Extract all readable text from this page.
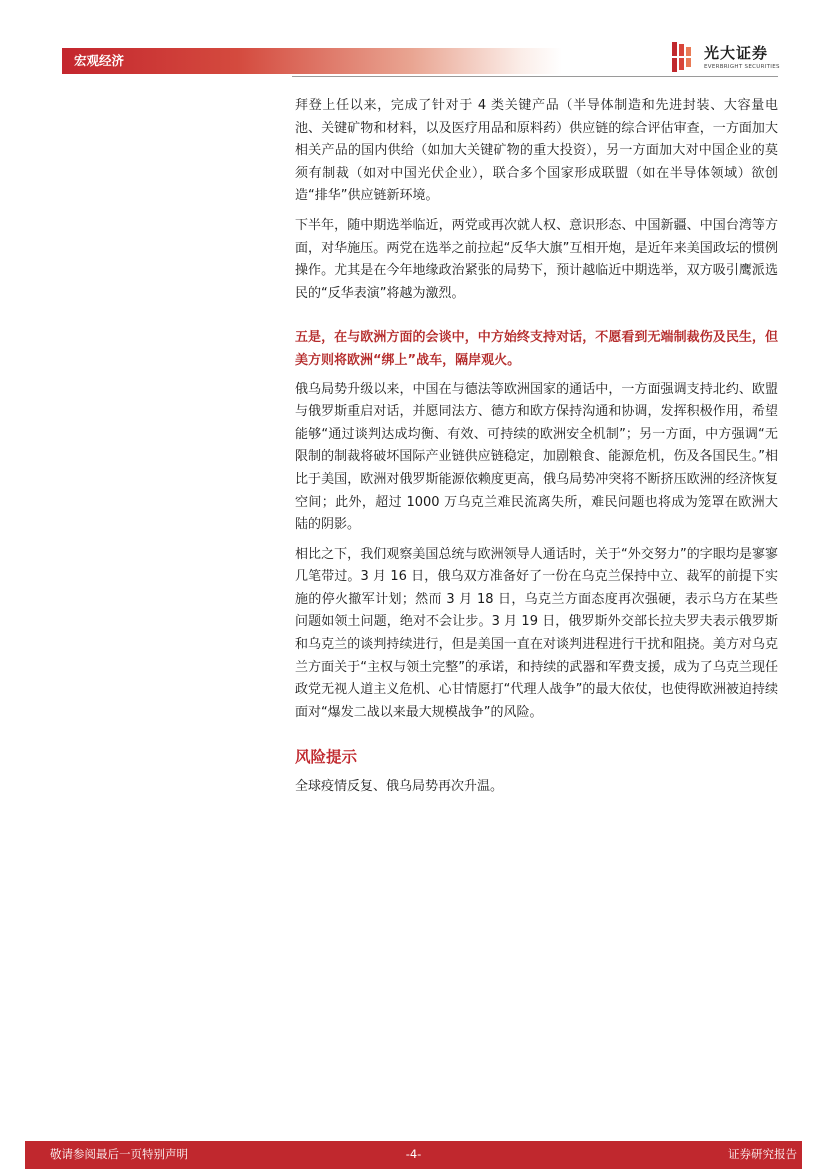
宏观经济	光大证券
EVERBRIGHT SECURITIES

拜登上任以来，完成了针对于 4 类关键产品（半导体制造和先进封装、大容量电池、关键矿物和材料，以及医疗用品和原料药）供应链的综合评估审查，一方面加大相关产品的国内供给（如加大关键矿物的重大投资），另一方面加大对中国企业的莫须有制裁（如对中国光伏企业），联合多个国家形成联盟（如在半导体领域）欲创造“排华”供应链新环境。

下半年，随中期选举临近，两党或再次就人权、意识形态、中国新疆、中国台湾等方面，对华施压。两党在选举之前拉起“反华大旗”互相开炮，是近年来美国政坛的惯例操作。尤其是在今年地缘政治紧张的局势下，预计越临近中期选举，双方吸引鹰派选民的“反华表演”将越为激烈。

五是，在与欧洲方面的会谈中，中方始终支持对话，不愿看到无端制裁伤及民生，但美方则将欧洲“绑上”战车，隔岸观火。

俄乌局势升级以来，中国在与德法等欧洲国家的通话中，一方面强调支持北约、欧盟与俄罗斯重启对话，并愿同法方、德方和欧方保持沟通和协调，发挥积极作用，希望能够“通过谈判达成均衡、有效、可持续的欧洲安全机制”；另一方面，中方强调“无限制的制裁将破坏国际产业链供应链稳定，加剧粮食、能源危机，伤及各国民生。”相比于美国，欧洲对俄罗斯能源依赖度更高，俄乌局势冲突将不断挤压欧洲的经济恢复空间；此外，超过 1000 万乌克兰难民流离失所，难民问题也将成为笼罩在欧洲大陆的阴影。

相比之下，我们观察美国总统与欧洲领导人通话时，关于“外交努力”的字眼均是寥寥几笔带过。3 月 16 日，俄乌双方准备好了一份在乌克兰保持中立、裁军的前提下实施的停火撤军计划；然而 3 月 18 日，乌克兰方面态度再次强硬，表示乌方在某些问题如领土问题，绝对不会让步。3 月 19 日，俄罗斯外交部长拉夫罗夫表示俄罗斯和乌克兰的谈判持续进行，但是美国一直在对谈判进程进行干扰和阻挠。美方对乌克兰方面关于“主权与领土完整”的承诺，和持续的武器和军费支援，成为了乌克兰现任政党无视人道主义危机、心甘情愿打“代理人战争”的最大依仗，也使得欧洲被迫持续面对“爆发二战以来最大规模战争”的风险。

风险提示

全球疫情反复、俄乌局势再次升温。

敬请参阅最后一页特别声明	-4-	证券研究报告
